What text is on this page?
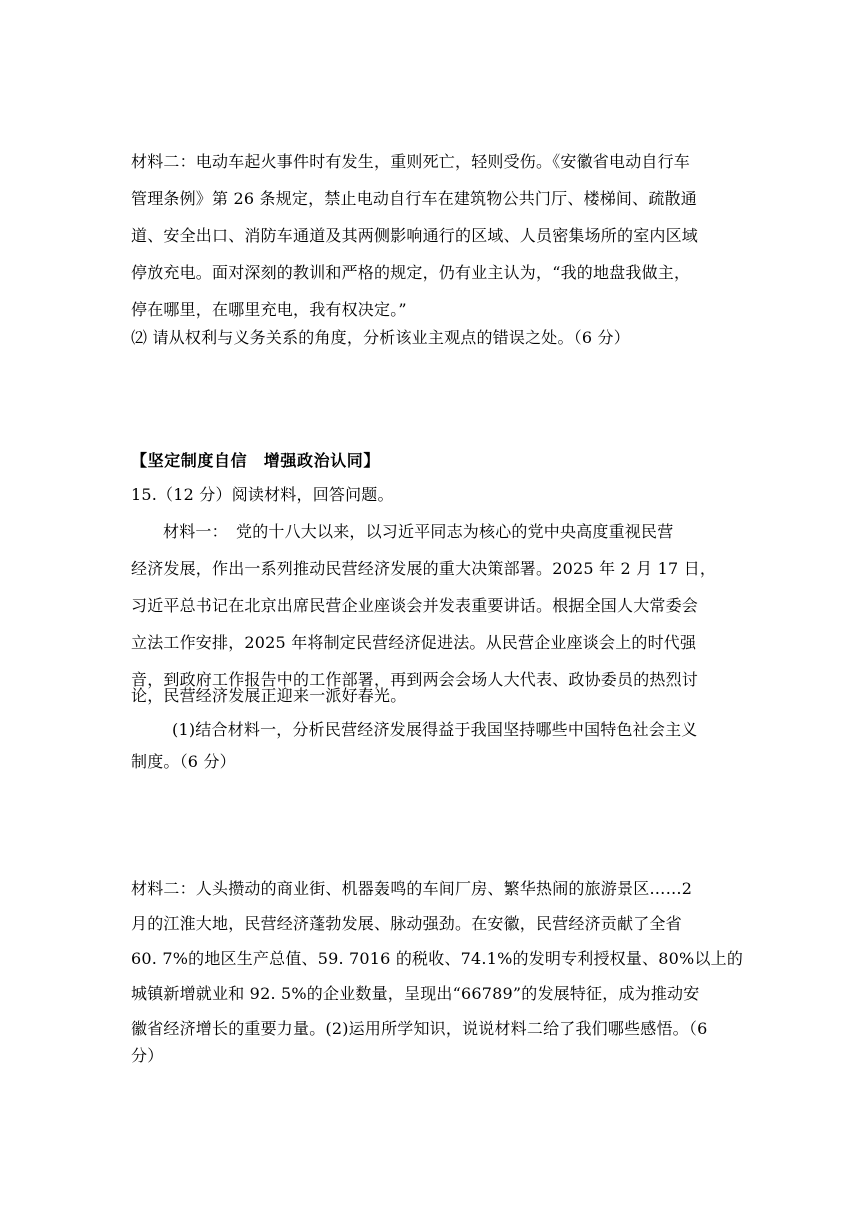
材料二：电动车起火事件时有发生，重则死亡，轻则受伤。《安徽省电动自行车
管理条例》第 26 条规定，禁止电动自行车在建筑物公共门厅、楼梯间、疏散通
道、安全出口、消防车通道及其两侧影响通行的区域、人员密集场所的室内区域
停放充电。面对深刻的教训和严格的规定，仍有业主认为，“我的地盘我做主，
停在哪里，在哪里充电，我有权决定。”
⑵ 请从权利与义务关系的角度，分析该业主观点的错误之处。（6 分）
【坚定制度自信　增强政治认同】
15.（12 分）阅读材料，回答问题。
材料一：　党的十八大以来，以习近平同志为核心的党中央高度重视民营
经济发展，作出一系列推动民营经济发展的重大决策部署。2025 年 2 月 17 日，
习近平总书记在北京出席民营企业座谈会并发表重要讲话。根据全国人大常委会
立法工作安排，2025 年将制定民营经济促进法。从民营企业座谈会上的时代强
音，到政府工作报告中的工作部署，再到两会会场人大代表、政协委员的热烈讨
论，民营经济发展正迎来一派好春光。
(1)结合材料一，分析民营经济发展得益于我国坚持哪些中国特色社会主义
制度。（6 分）
材料二：人头攒动的商业街、机器轰鸣的车间厂房、繁华热闹的旅游景区……2
月的江淮大地，民营经济蓬勃发展、脉动强劲。在安徽，民营经济贡献了全省
60. 7%的地区生产总值、59. 7016 的税收、74.1%的发明专利授权量、80%以上的
城镇新增就业和 92. 5%的企业数量，呈现出“66789”的发展特征，成为推动安
徽省经济增长的重要力量。(2)运用所学知识，说说材料二给了我们哪些感悟。（6
分）
